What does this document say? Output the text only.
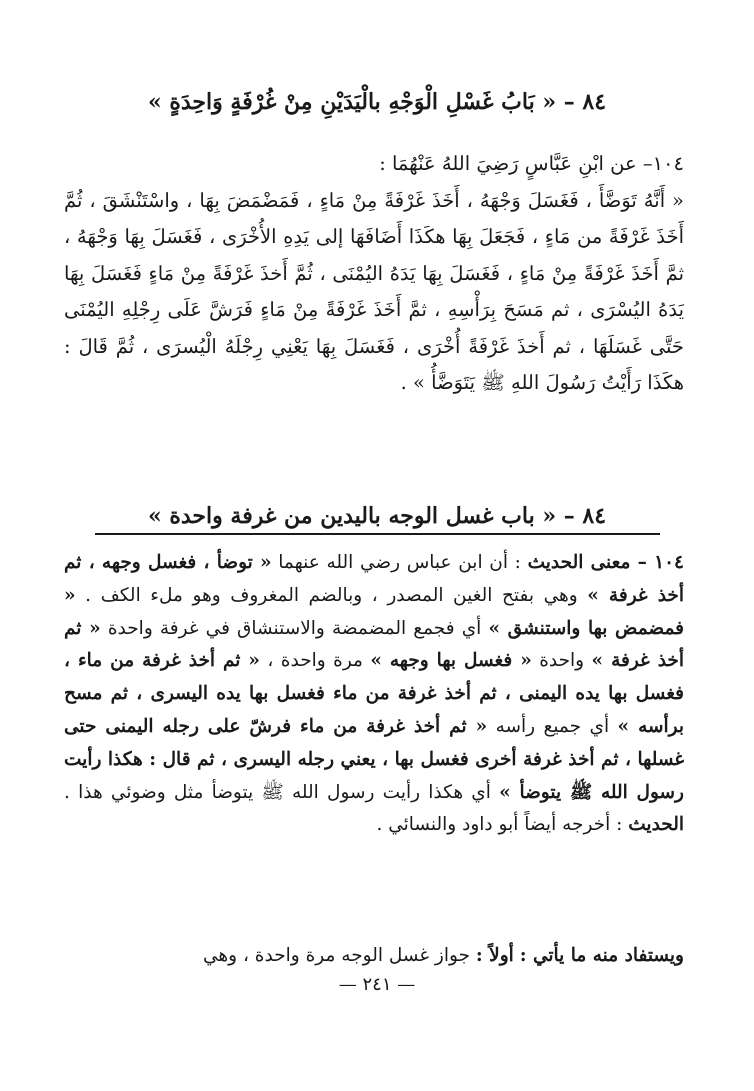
٨٤ – « بَابُ غَسْلِ الْوَجْهِ بالْيَدَيْنِ مِنْ غُرْفَةٍ وَاحِدَةٍ »
١٠٤– عن ابْنِ عَبَّاسٍ رَضِيَ اللهُ عَنْهُمَا :
« أَنَّهُ تَوَضَّأَ ، فَغَسَلَ وَجْهَهُ ، أَخَذَ غَرْفَةً مِنْ مَاءٍ ، فَمَضْمَضَ بِهَا ، واسْتَنْشَقَ ، ثُمَّ أَخَذَ غَرْفَةً من مَاءٍ ، فَجَعَلَ بِهَا هكَذَا أَضَافَهَا إلى يَدِهِ الأُخْرَى ، فَغَسَلَ بِهَا وَجْهَهُ ، ثمَّ أَخَذَ غَرْفَةً مِنْ مَاءٍ ، فَغَسَلَ بِهَا يَدَهُ اليُمْنَى ، ثُمَّ أَخذَ غَرْفَةً مِنْ مَاءٍ فَغَسَلَ بِهَا يَدَهُ اليُسْرَى ، ثم مَسَحَ بِرَأْسِهِ ، ثمَّ أَخَذَ غَرْفَةً مِنْ مَاءٍ فَرَشَّ عَلَى رِجْلِهِ اليُمْنَى حَتَّى غَسَلَهَا ، ثم أَخذَ غَرْفَةً أُخْرَى ، فَغَسَلَ بِهَا يَعْنِي رِجْلَهُ الْيُسرَى ، ثُمَّ قَالَ : هكَذَا رَأَيْتُ رَسُولَ اللهِ ﷺ يَتَوَضَّأُ » .
٨٤ – « باب غسل الوجه باليدين من غرفة واحدة »
١٠٤ – معنى الحديث : أن ابن عباس رضي الله عنهما « توضأ ، فغسل وجهه ، ثم أخذ غرفة » وهي بفتح الغين المصدر ، وبالضم المغروف وهو ملء الكف . « فمضمض بها واستنشق » أي فجمع المضمضة والاستنشاق في غرفة واحدة « ثم أخذ غرفة » واحدة « فغسل بها وجهه » مرة واحدة ، « ثم أخذ غرفة من ماء ، فغسل بها يده اليمنى ، ثم أخذ غرفة من ماء فغسل بها يده اليسرى ، ثم مسح برأسه » أي جميع رأسه « ثم أخذ غرفة من ماء فرشّ على رجله اليمنى حتى غسلها ، ثم أخذ غرفة أخرى فغسل بها ، يعني رجله اليسرى ، ثم قال : هكذا رأيت رسول الله ﷺ يتوضأ » أي هكذا رأيت رسول الله ﷺ يتوضأ مثل وضوئي هذا . الحديث : أخرجه أيضاً أبو داود والنسائي .
ويستفاد منه ما يأتي : أولاً : جواز غسل الوجه مرة واحدة ، وهي
— ٢٤١ —
